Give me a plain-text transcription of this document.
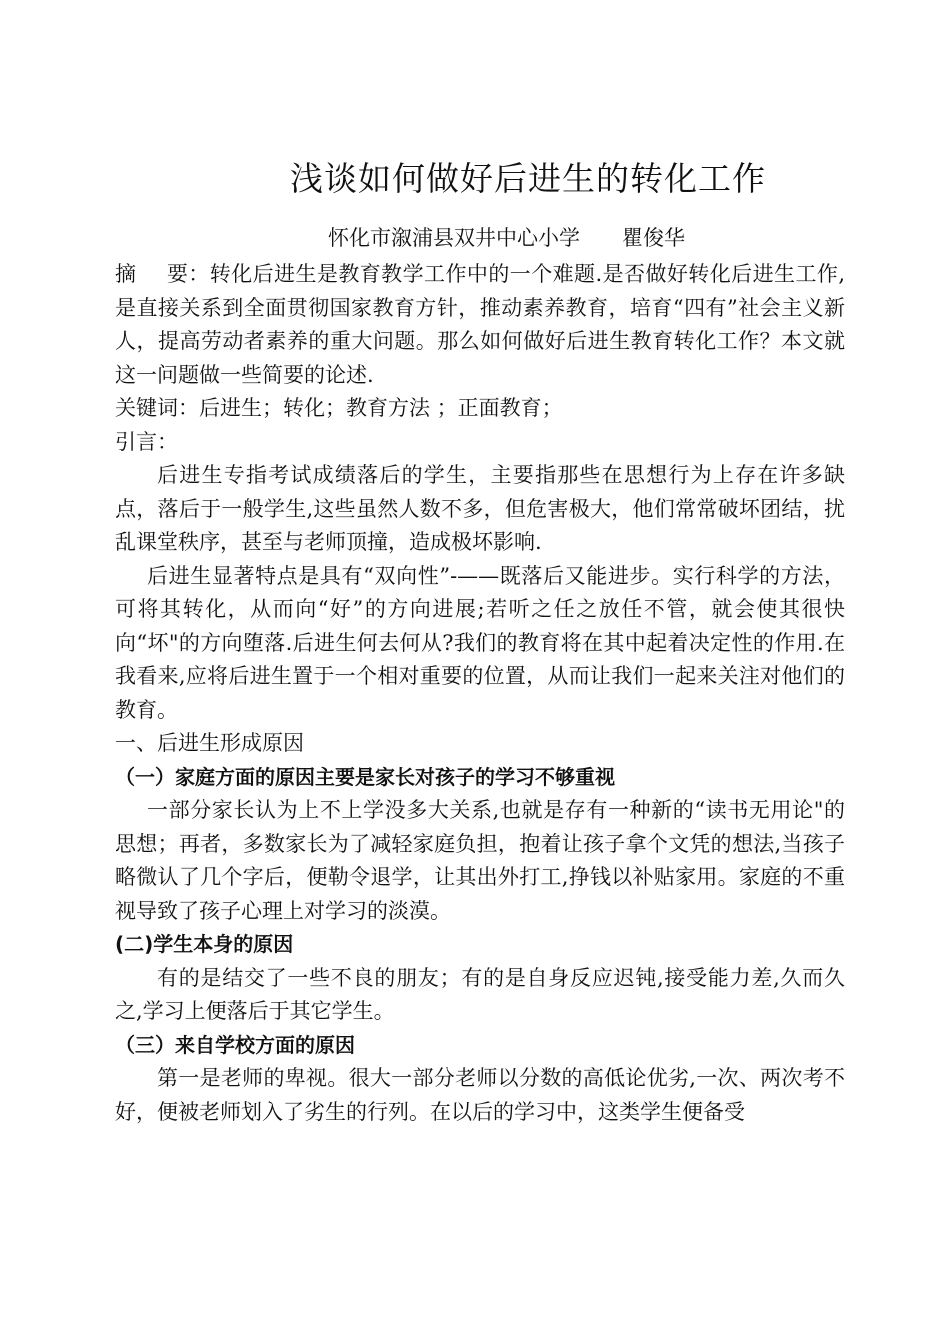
浅谈如何做好后进生的转化工作
怀化市溆浦县双井中心小学 瞿俊华

摘 要：转化后进生是教育教学工作中的一个难题.是否做好转化后进生工作,是直接关系到全面贯彻国家教育方针，推动素养教育，培育“四有”社会主义新人，提高劳动者素养的重大问题。那么如何做好后进生教育转化工作？本文就这一问题做一些简要的论述.

关键词：后进生；转化；教育方法 ；正面教育；

引言：

后进生专指考试成绩落后的学生，主要指那些在思想行为上存在许多缺点，落后于一般学生,这些虽然人数不多，但危害极大，他们常常破坏团结，扰乱课堂秩序，甚至与老师顶撞，造成极坏影响.

后进生显著特点是具有“双向性”-——既落后又能进步。实行科学的方法，可将其转化，从而向“好”的方向进展;若听之任之放任不管，就会使其很快向“坏"的方向堕落.后进生何去何从?我们的教育将在其中起着决定性的作用.在我看来,应将后进生置于一个相对重要的位置，从而让我们一起来关注对他们的教育。

一、后进生形成原因

（一）家庭方面的原因主要是家长对孩子的学习不够重视

一部分家长认为上不上学没多大关系,也就是存有一种新的“读书无用论"的思想；再者，多数家长为了减轻家庭负担，抱着让孩子拿个文凭的想法,当孩子略微认了几个字后，便勒令退学，让其出外打工,挣钱以补贴家用。家庭的不重视导致了孩子心理上对学习的淡漠。

(二)学生本身的原因

有的是结交了一些不良的朋友；有的是自身反应迟钝,接受能力差,久而久之,学习上便落后于其它学生。

（三）来自学校方面的原因

第一是老师的卑视。很大一部分老师以分数的高低论优劣,一次、两次考不好，便被老师划入了劣生的行列。在以后的学习中，这类学生便备受
